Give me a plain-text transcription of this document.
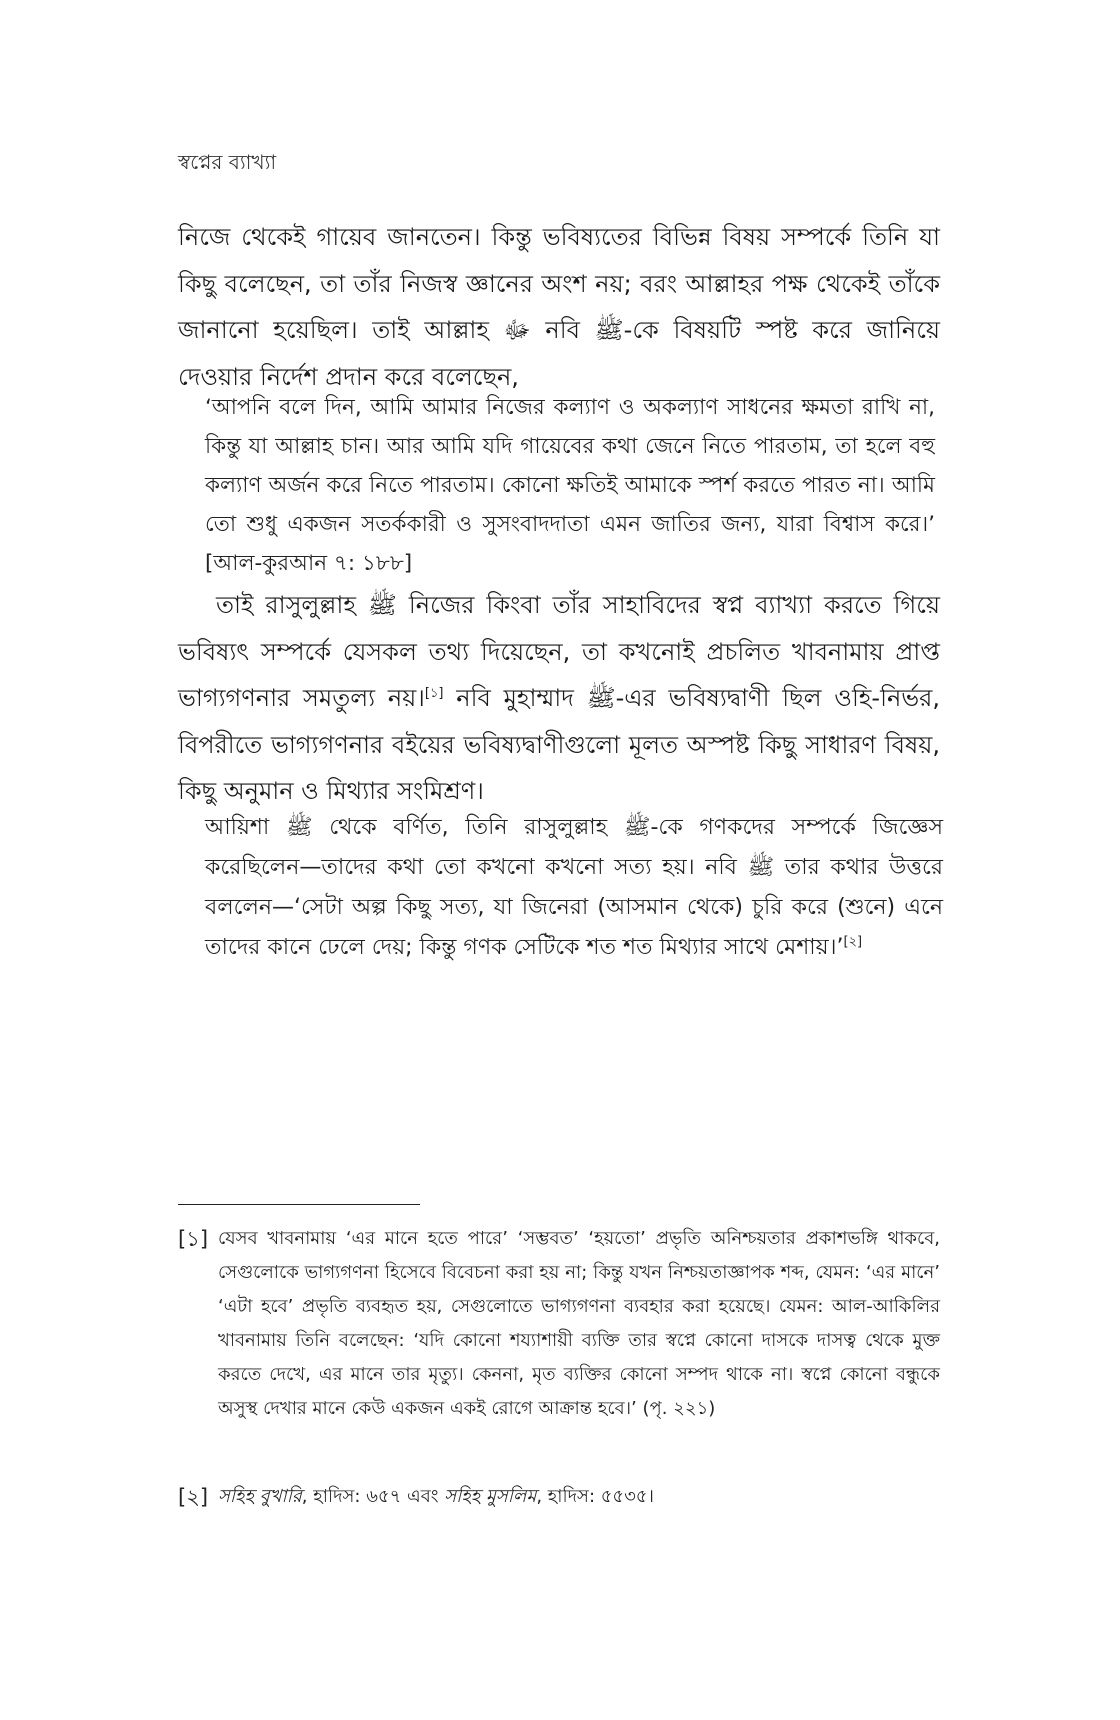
স্বপ্নের ব্যাখ্যা

নিজে থেকেই গায়েব জানতেন। কিন্তু ভবিষ্যতের বিভিন্ন বিষয় সম্পর্কে তিনি যা কিছু বলেছেন, তা তাঁর নিজস্ব জ্ঞানের অংশ নয়; বরং আল্লাহর পক্ষ থেকেই তাঁকে জানানো হয়েছিল। তাই আল্লাহ ﷻ নবি ﷺ-কে বিষয়টি স্পষ্ট করে জানিয়ে দেওয়ার নির্দেশ প্রদান করে বলেছেন,

‘আপনি বলে দিন, আমি আমার নিজের কল্যাণ ও অকল্যাণ সাধনের ক্ষমতা রাখি না, কিন্তু যা আল্লাহ চান। আর আমি যদি গায়েবের কথা জেনে নিতে পারতাম, তা হলে বহু কল্যাণ অর্জন করে নিতে পারতাম। কোনো ক্ষতিই আমাকে স্পর্শ করতে পারত না। আমি তো শুধু একজন সতর্ককারী ও সুসংবাদদাতা এমন জাতির জন্য, যারা বিশ্বাস করে।’ [আল-কুরআন ৭: ১৮৮]

তাই রাসুলুল্লাহ ﷺ নিজের কিংবা তাঁর সাহাবিদের স্বপ্ন ব্যাখ্যা করতে গিয়ে ভবিষ্যৎ সম্পর্কে যেসকল তথ্য দিয়েছেন, তা কখনোই প্রচলিত খাবনামায় প্রাপ্ত ভাগ্যগণনার সমতুল্য নয়।[১] নবি মুহাম্মাদ ﷺ-এর ভবিষ্যদ্বাণী ছিল ওহি-নির্ভর, বিপরীতে ভাগ্যগণনার বইয়ের ভবিষ্যদ্বাণীগুলো মূলত অস্পষ্ট কিছু সাধারণ বিষয়, কিছু অনুমান ও মিথ্যার সংমিশ্রণ।

আয়িশা ﷺ থেকে বর্ণিত, তিনি রাসুলুল্লাহ ﷺ-কে গণকদের সম্পর্কে জিজ্ঞেস করেছিলেন—তাদের কথা তো কখনো কখনো সত্য হয়। নবি ﷺ তার কথার উত্তরে বললেন—‘সেটা অল্প কিছু সত্য, যা জিনেরা (আসমান থেকে) চুরি করে (শুনে) এনে তাদের কানে ঢেলে দেয়; কিন্তু গণক সেটিকে শত শত মিথ্যার সাথে মেশায়।’[২]

[১] যেসব খাবনামায় ‘এর মানে হতে পারে’ ‘সম্ভবত’ ‘হয়তো’ প্রভৃতি অনিশ্চয়তার প্রকাশভঙ্গি থাকবে, সেগুলোকে ভাগ্যগণনা হিসেবে বিবেচনা করা হয় না; কিন্তু যখন নিশ্চয়তাজ্ঞাপক শব্দ, যেমন: ‘এর মানে’ ‘এটা হবে’ প্রভৃতি ব্যবহৃত হয়, সেগুলোতে ভাগ্যগণনা ব্যবহার করা হয়েছে। যেমন: আল-আকিলির খাবনামায় তিনি বলেছেন: ‘যদি কোনো শয্যাশায়ী ব্যক্তি তার স্বপ্নে কোনো দাসকে দাসত্ব থেকে মুক্ত করতে দেখে, এর মানে তার মৃত্যু। কেননা, মৃত ব্যক্তির কোনো সম্পদ থাকে না। স্বপ্নে কোনো বন্ধুকে অসুস্থ দেখার মানে কেউ একজন একই রোগে আক্রান্ত হবে।’ (পৃ. ২২১)
[২] সহিহ বুখারি, হাদিস: ৬৫৭ এবং সহিহ মুসলিম, হাদিস: ৫৫৩৫।
